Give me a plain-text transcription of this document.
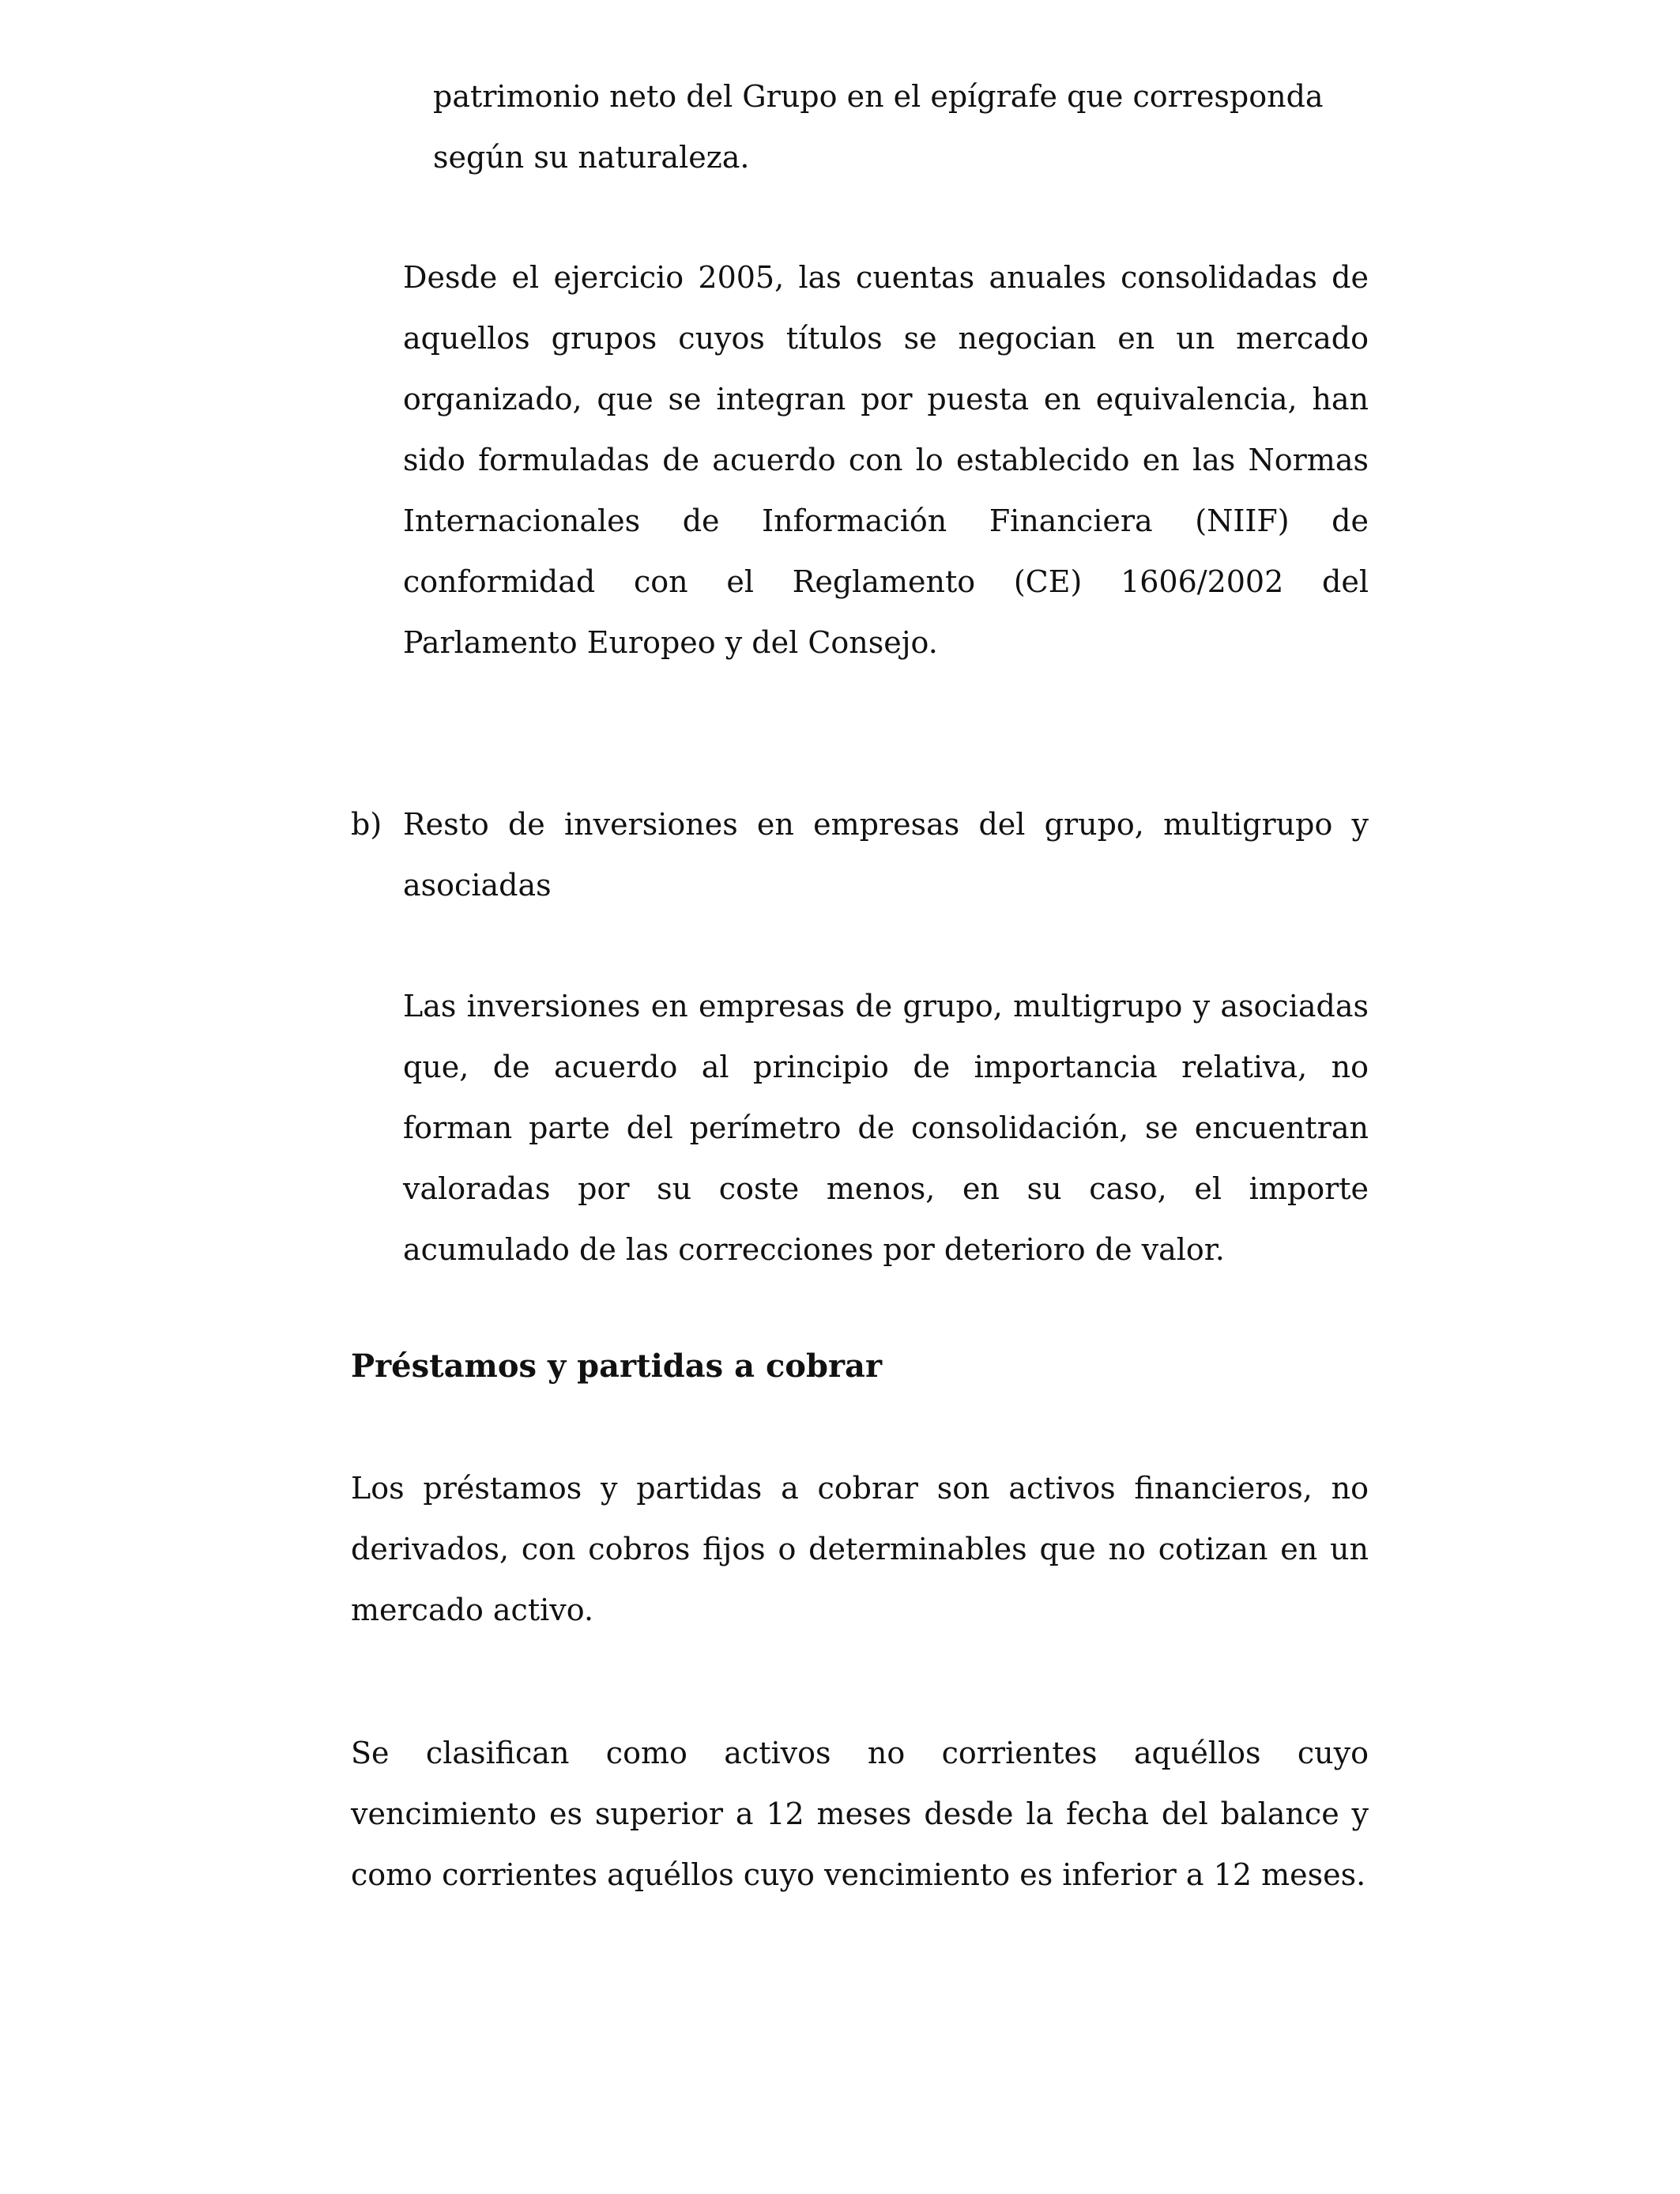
patrimonio neto del Grupo en el epígrafe que corresponda según su naturaleza.

Desde el ejercicio 2005, las cuentas anuales consolidadas de aquellos grupos cuyos títulos se negocian en un mercado organizado, que se integran por puesta en equivalencia, han sido formuladas de acuerdo con lo establecido en las Normas Internacionales de Información Financiera (NIIF) de conformidad con el Reglamento (CE) 1606/2002 del Parlamento Europeo y del Consejo.

b) Resto de inversiones en empresas del grupo, multigrupo y asociadas

Las inversiones en empresas de grupo, multigrupo y asociadas que, de acuerdo al principio de importancia relativa, no forman parte del perímetro de consolidación, se encuentran valoradas por su coste menos, en su caso, el importe acumulado de las correcciones por deterioro de valor.

Préstamos y partidas a cobrar

Los préstamos y partidas a cobrar son activos financieros, no derivados, con cobros fijos o determinables que no cotizan en un mercado activo.

Se clasifican como activos no corrientes aquéllos cuyo vencimiento es superior a 12 meses desde la fecha del balance y como corrientes aquéllos cuyo vencimiento es inferior a 12 meses.
